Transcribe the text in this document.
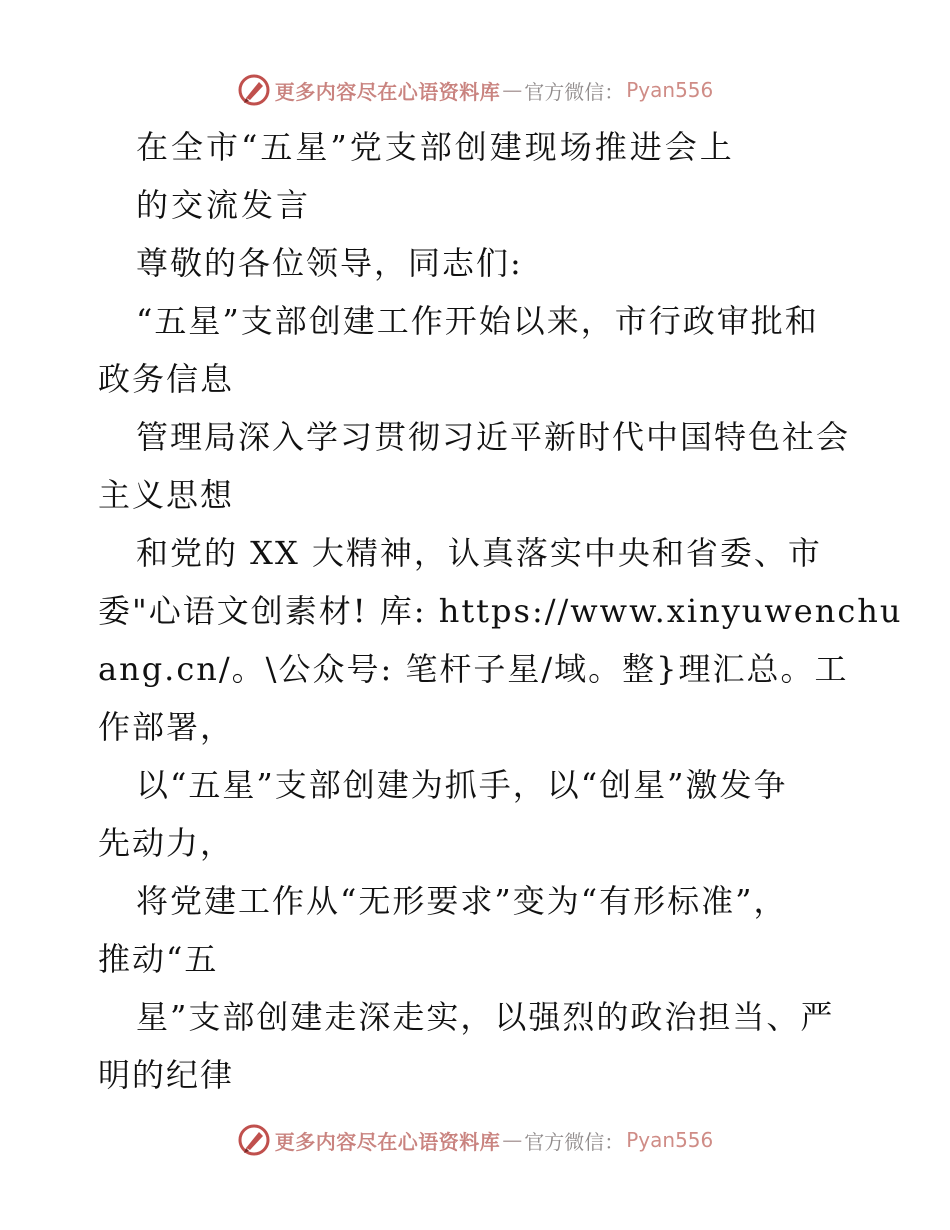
更多内容尽在心语资料库 — 官方微信： Pyan556
在全市“五星”党支部创建现场推进会上
的交流发言
尊敬的各位领导，同志们:
“五星”支部创建工作开始以来，市行政审批和
政务信息
管理局深入学习贯彻习近平新时代中国特色社会
主义思想
和党的 XX 大精神，认真落实中央和省委、市
委"心语文创素材! 库: https://www.xinyuwenchu
ang.cn/。\公众号: 笔杆子星/域。整}理汇总。工
作部署，
以“五星”支部创建为抓手，以“创星”激发争
先动力，
将党建工作从“无形要求”变为“有形标准”，
推动“五
星”支部创建走深走实，以强烈的政治担当、严
明的纪律
更多内容尽在心语资料库 — 官方微信： Pyan556
